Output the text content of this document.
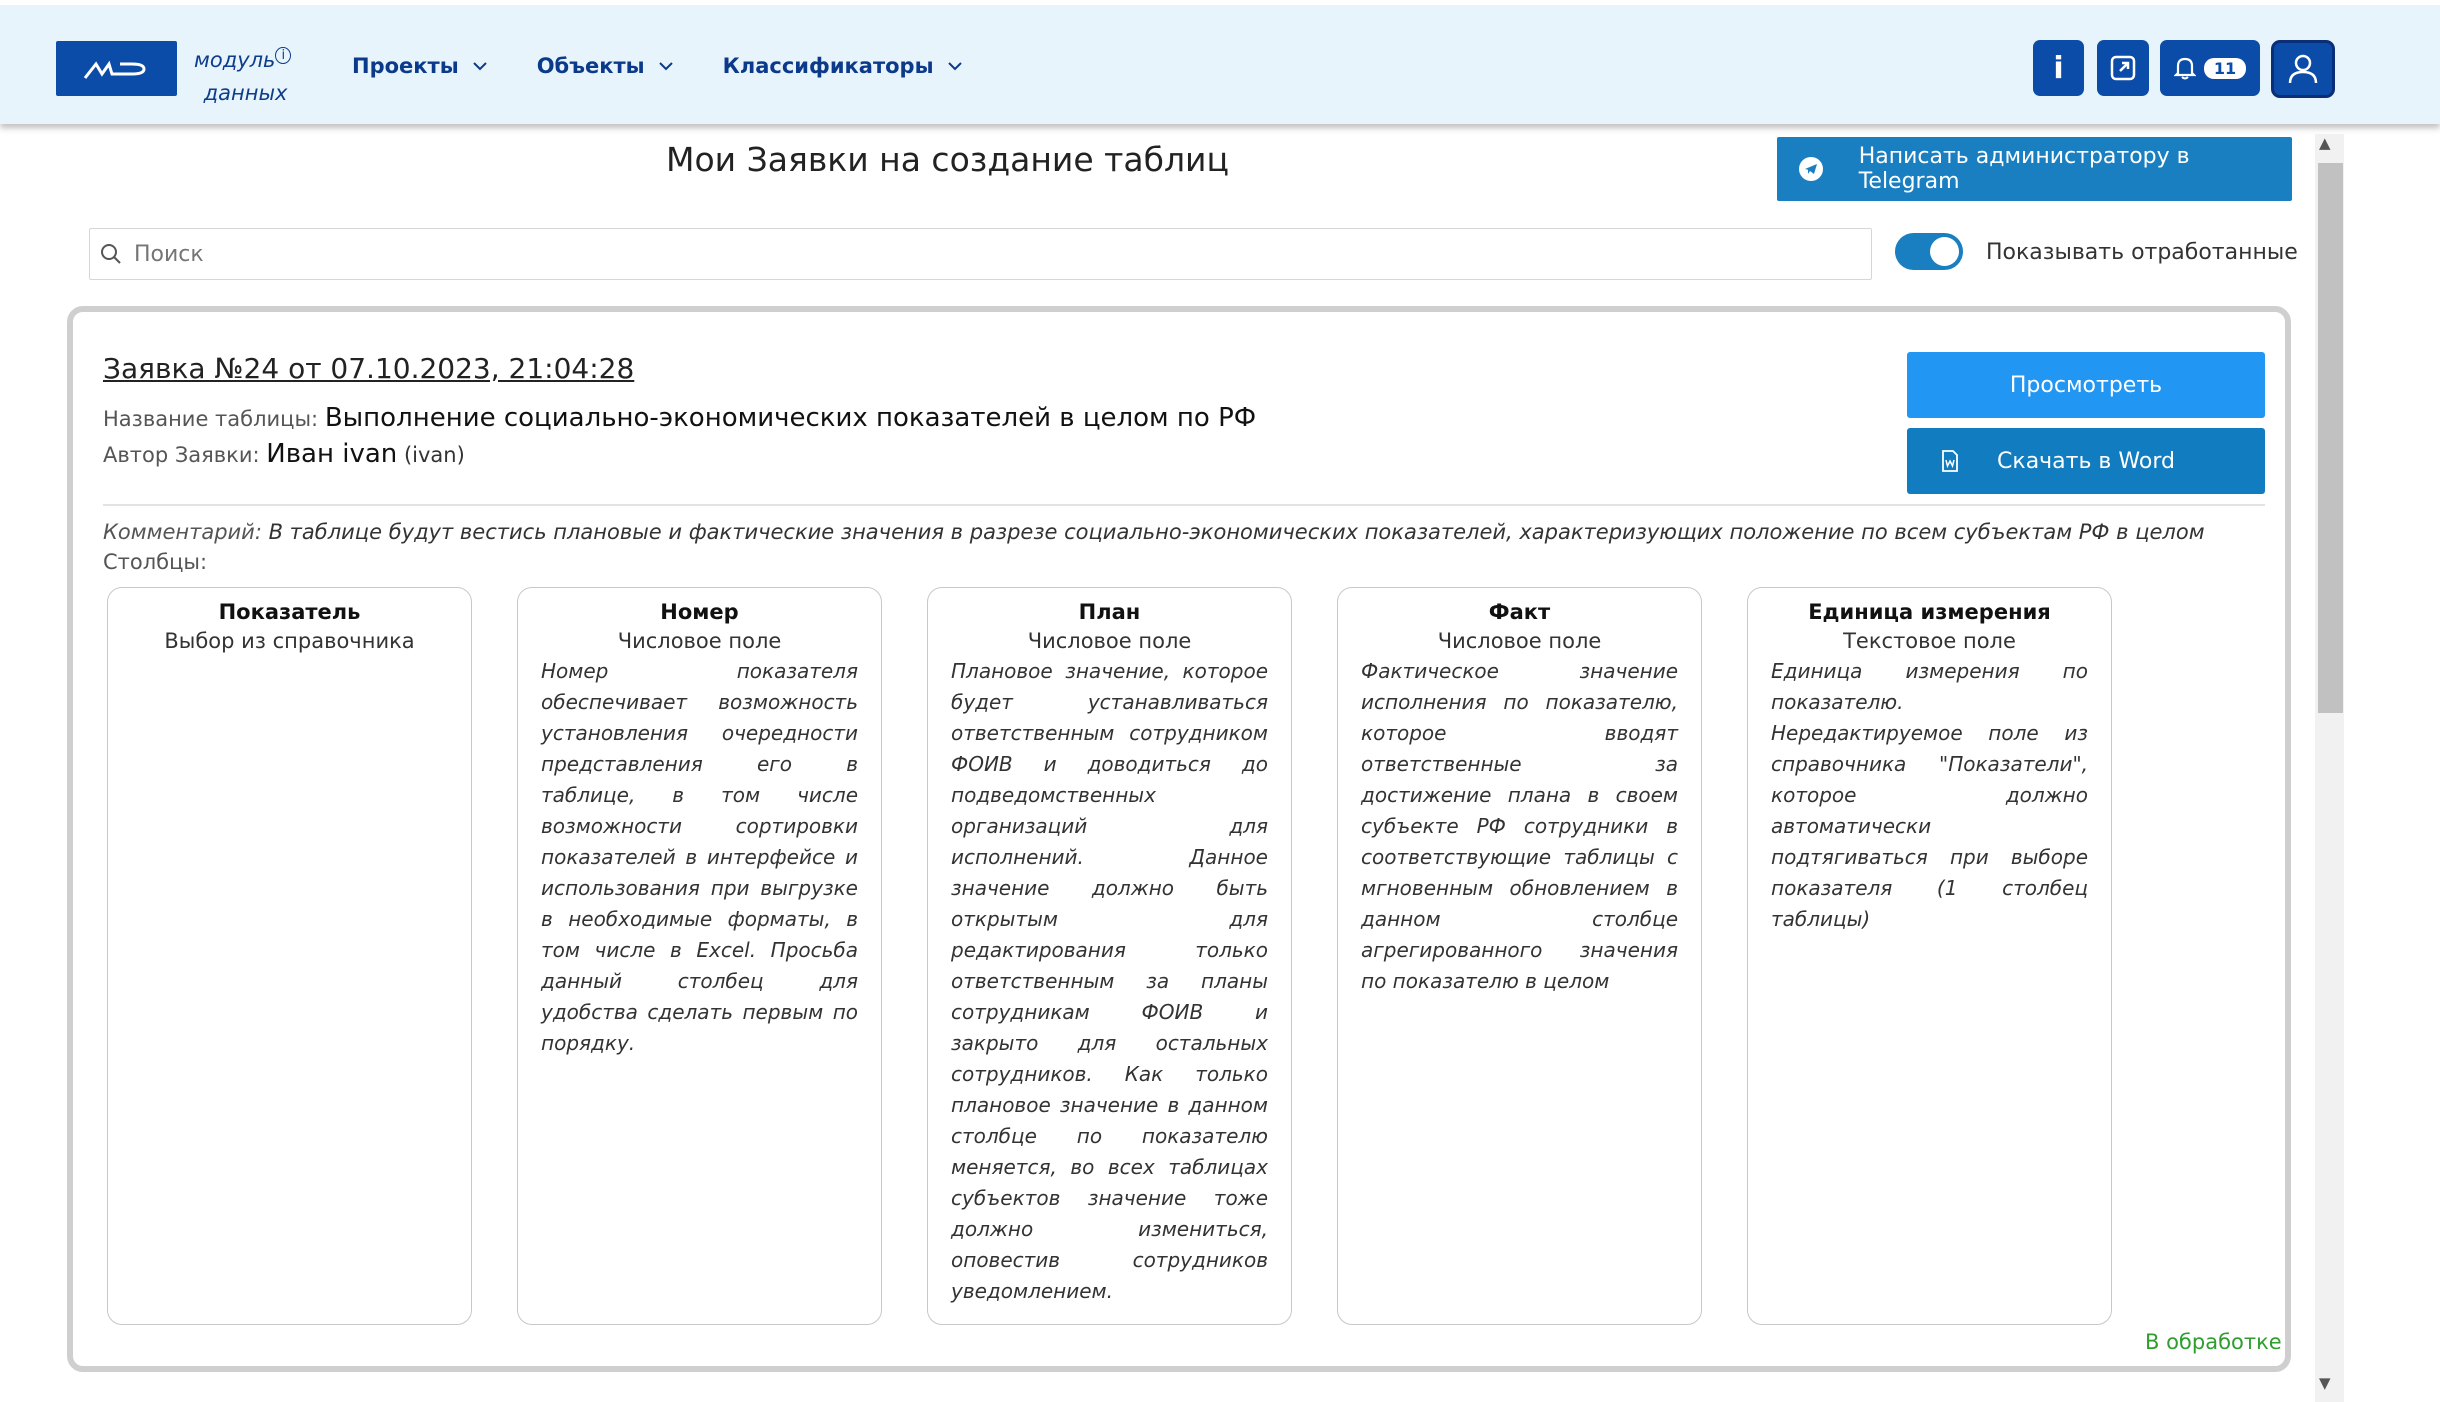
модуль $^i$
данных
Проекты	Объекты	Классификаторы	i	11
Мои Заявки на создание таблиц	Написать администратору в Telegram
Поиск
Показывать отработанные
Заявка №24 от 07.10.2023, 21:04:28
Название таблицы: Выполнение социально-экономических показателей в целом по РФ
Автор Заявки: Иван ivan (ivan)
Просмотреть
Скачать в Word
Комментарий: В таблице будут вестись плановые и фактические значения в разрезе социально-экономических показателей, характеризующих положение по всем субъектам РФ в целом
Столбцы:
Показатель
Выбор из справочника
Номер
Числовое поле
Номер показателя обеспечивает возможность установления очередности представления его в таблице, в том числе возможности сортировки показателей в интерфейсе и использования при выгрузке в необходимые форматы, в том числе в Excel. Просьба данный столбец для удобства сделать первым по порядку.
План
Числовое поле
Плановое значение, которое будет устанавливаться ответственным сотрудником ФОИВ и доводиться до подведомственных организаций для исполнений. Данное значение должно быть открытым для редактирования только ответственным за планы сотрудникам ФОИВ и закрыто для остальных сотрудников. Как только плановое значение в данном столбце по показателю меняется, во всех таблицах субъектов значение тоже должно измениться, оповестив сотрудников уведомлением.
Факт
Числовое поле
Фактическое значение исполнения по показателю, которое вводят ответственные за достижение плана в своем субъекте РФ сотрудники в соответствующие таблицы с мгновенным обновлением в данном столбце агрегированного значения по показателю в целом
Единица измерения
Текстовое поле
Единица измерения по показателю. Нередактируемое поле из справочника "Показатели", которое должно автоматически подтягиваться при выборе показателя (1 столбец таблицы)
В обработке
▲
▼
